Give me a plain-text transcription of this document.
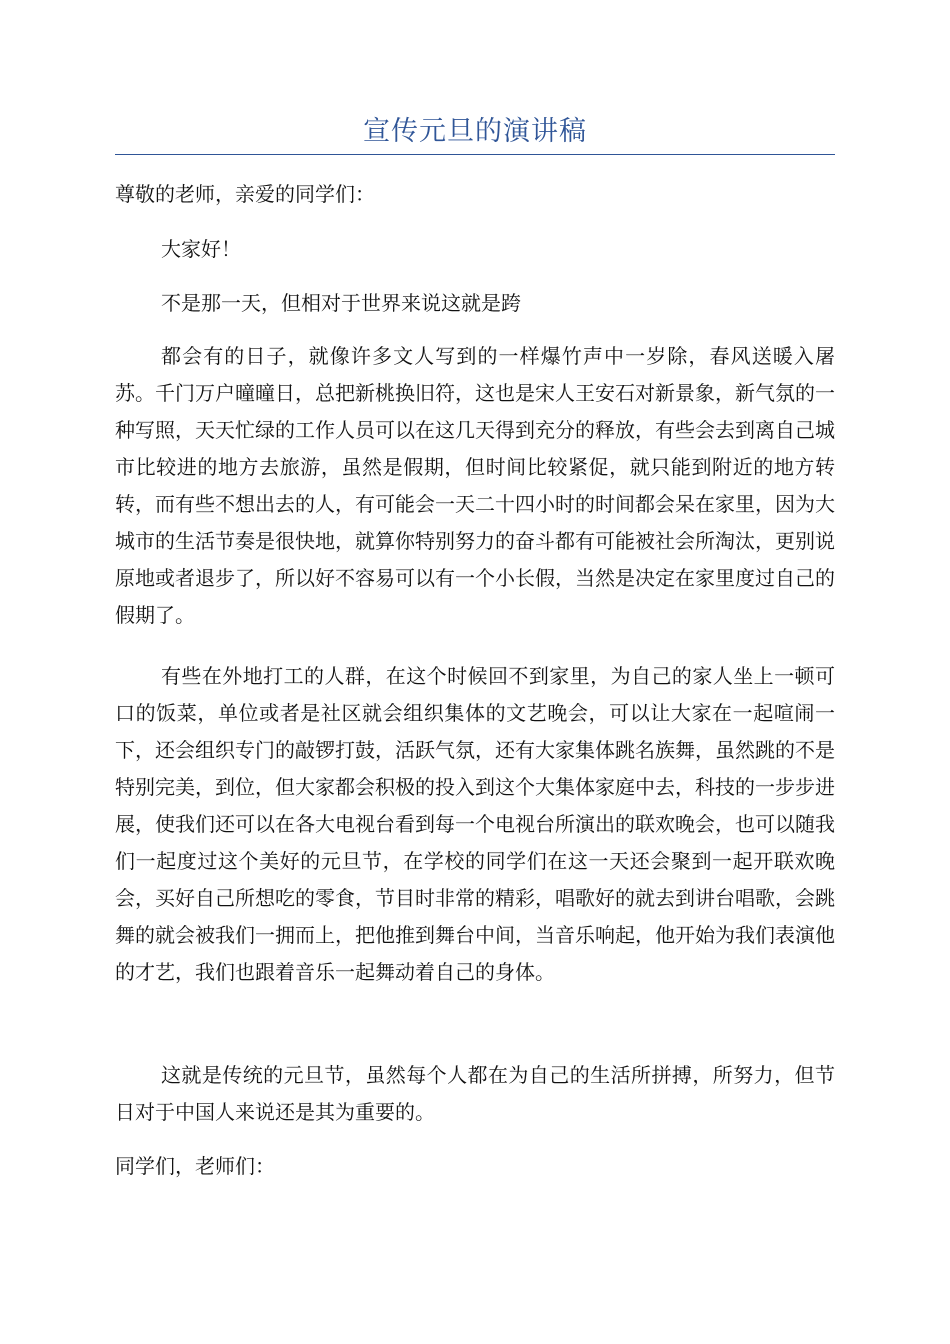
宣传元旦的演讲稿

尊敬的老师，亲爱的同学们：

大家好！

不是那一天，但相对于世界来说这就是跨

都会有的日子，就像许多文人写到的一样爆竹声中一岁除，春风送暖入屠苏。千门万户曈曈日，总把新桃换旧符，这也是宋人王安石对新景象，新气氛的一种写照，天天忙绿的工作人员可以在这几天得到充分的释放，有些会去到离自己城市比较进的地方去旅游，虽然是假期，但时间比较紧促，就只能到附近的地方转转，而有些不想出去的人，有可能会一天二十四小时的时间都会呆在家里，因为大城市的生活节奏是很快地，就算你特别努力的奋斗都有可能被社会所淘汰，更别说原地或者退步了，所以好不容易可以有一个小长假，当然是决定在家里度过自己的假期了。

有些在外地打工的人群，在这个时候回不到家里，为自己的家人坐上一顿可口的饭菜，单位或者是社区就会组织集体的文艺晚会，可以让大家在一起喧闹一下，还会组织专门的敲锣打鼓，活跃气氛，还有大家集体跳名族舞，虽然跳的不是特别完美，到位，但大家都会积极的投入到这个大集体家庭中去，科技的一步步进展，使我们还可以在各大电视台看到每一个电视台所演出的联欢晚会，也可以随我们一起度过这个美好的元旦节，在学校的同学们在这一天还会聚到一起开联欢晚会，买好自己所想吃的零食，节目时非常的精彩，唱歌好的就去到讲台唱歌，会跳舞的就会被我们一拥而上，把他推到舞台中间，当音乐响起，他开始为我们表演他的才艺，我们也跟着音乐一起舞动着自己的身体。

这就是传统的元旦节，虽然每个人都在为自己的生活所拼搏，所努力，但节日对于中国人来说还是其为重要的。

同学们，老师们：
